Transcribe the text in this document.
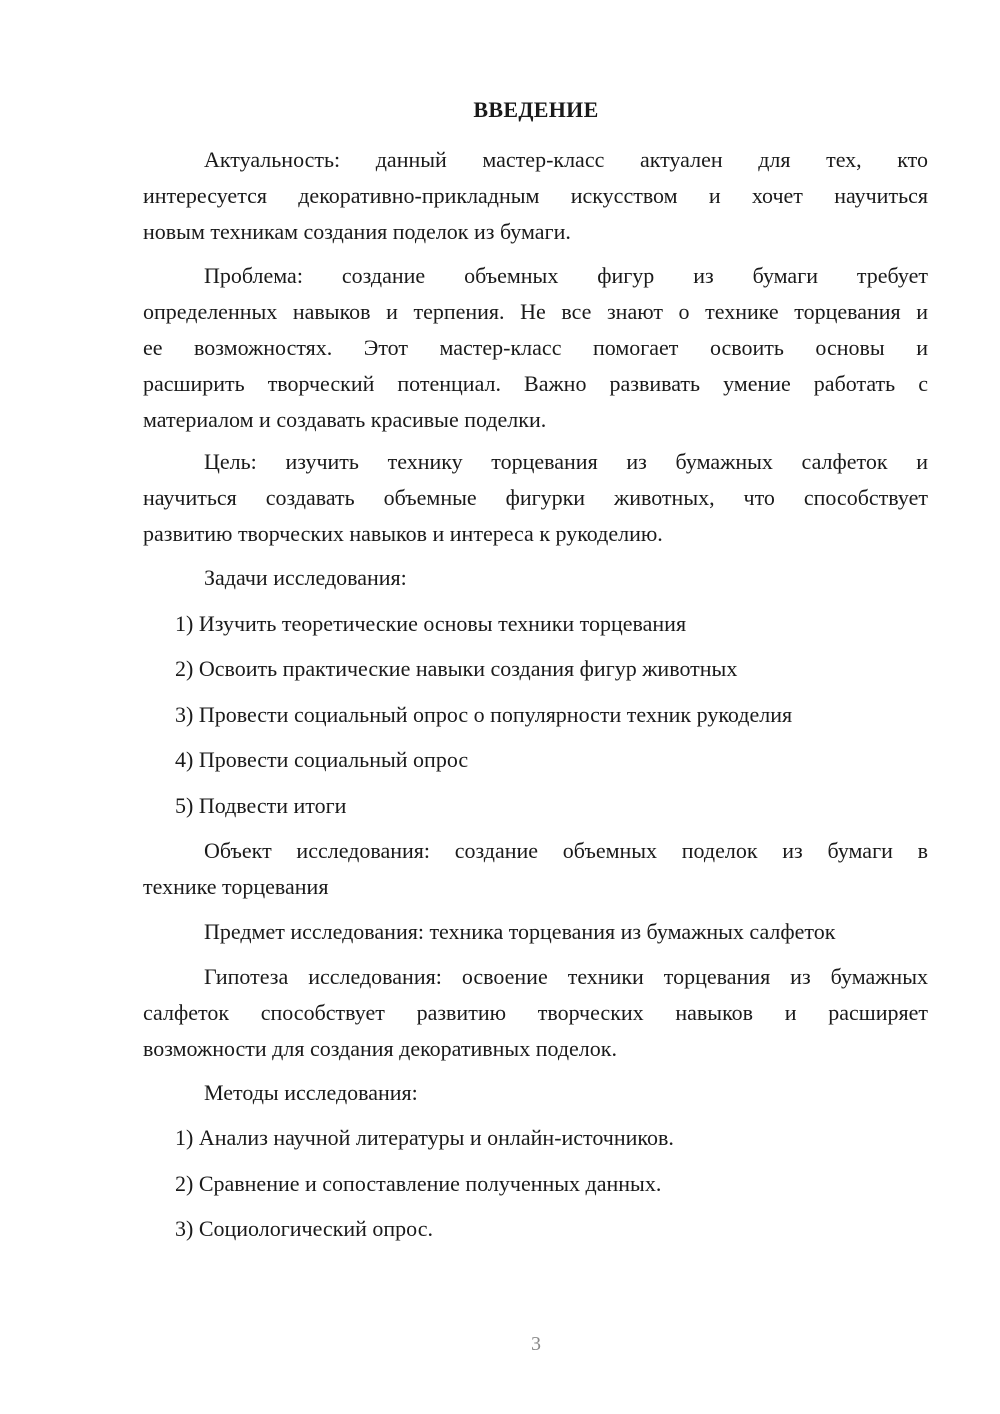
ВВЕДЕНИЕ
Актуальность: данный мастер-класс актуален для тех, кто
интересуется декоративно-прикладным искусством и хочет научиться
новым техникам создания поделок из бумаги.
Проблема: создание объемных фигур из бумаги требует
определенных навыков и терпения. Не все знают о технике торцевания и
ее возможностях. Этот мастер-класс помогает освоить основы и
расширить творческий потенциал. Важно развивать умение работать с
материалом и создавать красивые поделки.
Цель: изучить технику торцевания из бумажных салфеток и
научиться создавать объемные фигурки животных, что способствует
развитию творческих навыков и интереса к рукоделию.
Задачи исследования:
1) Изучить теоретические основы техники торцевания
2) Освоить практические навыки создания фигур животных
3) Провести социальный опрос о популярности техник рукоделия
4) Провести социальный опрос
5) Подвести итоги
Объект исследования: создание объемных поделок из бумаги в
технике торцевания
Предмет исследования: техника торцевания из бумажных салфеток
Гипотеза исследования: освоение техники торцевания из бумажных
салфеток способствует развитию творческих навыков и расширяет
возможности для создания декоративных поделок.
Методы исследования:
1) Анализ научной литературы и онлайн-источников.
2) Сравнение и сопоставление полученных данных.
3) Социологический опрос.
3
